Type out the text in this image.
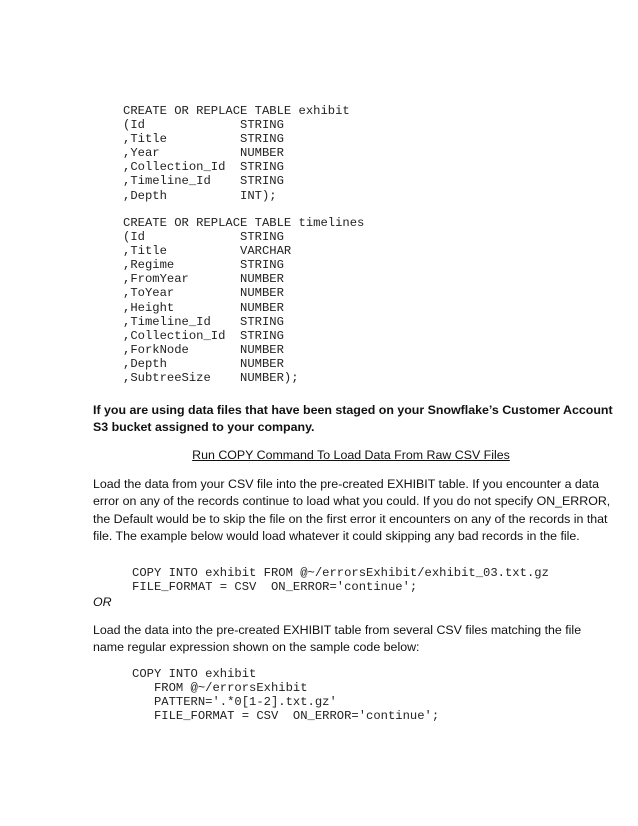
CREATE OR REPLACE TABLE exhibit
(Id             STRING
,Title          STRING
,Year           NUMBER
,Collection_Id  STRING
,Timeline_Id    STRING
,Depth          INT);
CREATE OR REPLACE TABLE timelines
(Id             STRING
,Title          VARCHAR
,Regime         STRING
,FromYear       NUMBER
,ToYear         NUMBER
,Height         NUMBER
,Timeline_Id    STRING
,Collection_Id  STRING
,ForkNode       NUMBER
,Depth          NUMBER
,SubtreeSize    NUMBER);

If you are using data files that have been staged on your Snowflake’s Customer Account S3 bucket assigned to your company.

Run COPY Command To Load Data From Raw CSV Files

Load the data from your CSV file into the pre-created EXHIBIT table. If you encounter a data error on any of the records continue to load what you could. If you do not specify ON_ERROR, the Default would be to skip the file on the first error it encounters on any of the records in that file. The example below would load whatever it could skipping any bad records in the file.

COPY INTO exhibit FROM @~/errorsExhibit/exhibit_03.txt.gz
FILE_FORMAT = CSV  ON_ERROR='continue';

OR

Load the data into the pre-created EXHIBIT table from several CSV files matching the file name regular expression shown on the sample code below:

COPY INTO exhibit
FROM @~/errorsExhibit
PATTERN='.*0[1-2].txt.gz'
FILE_FORMAT = CSV  ON_ERROR='continue';
